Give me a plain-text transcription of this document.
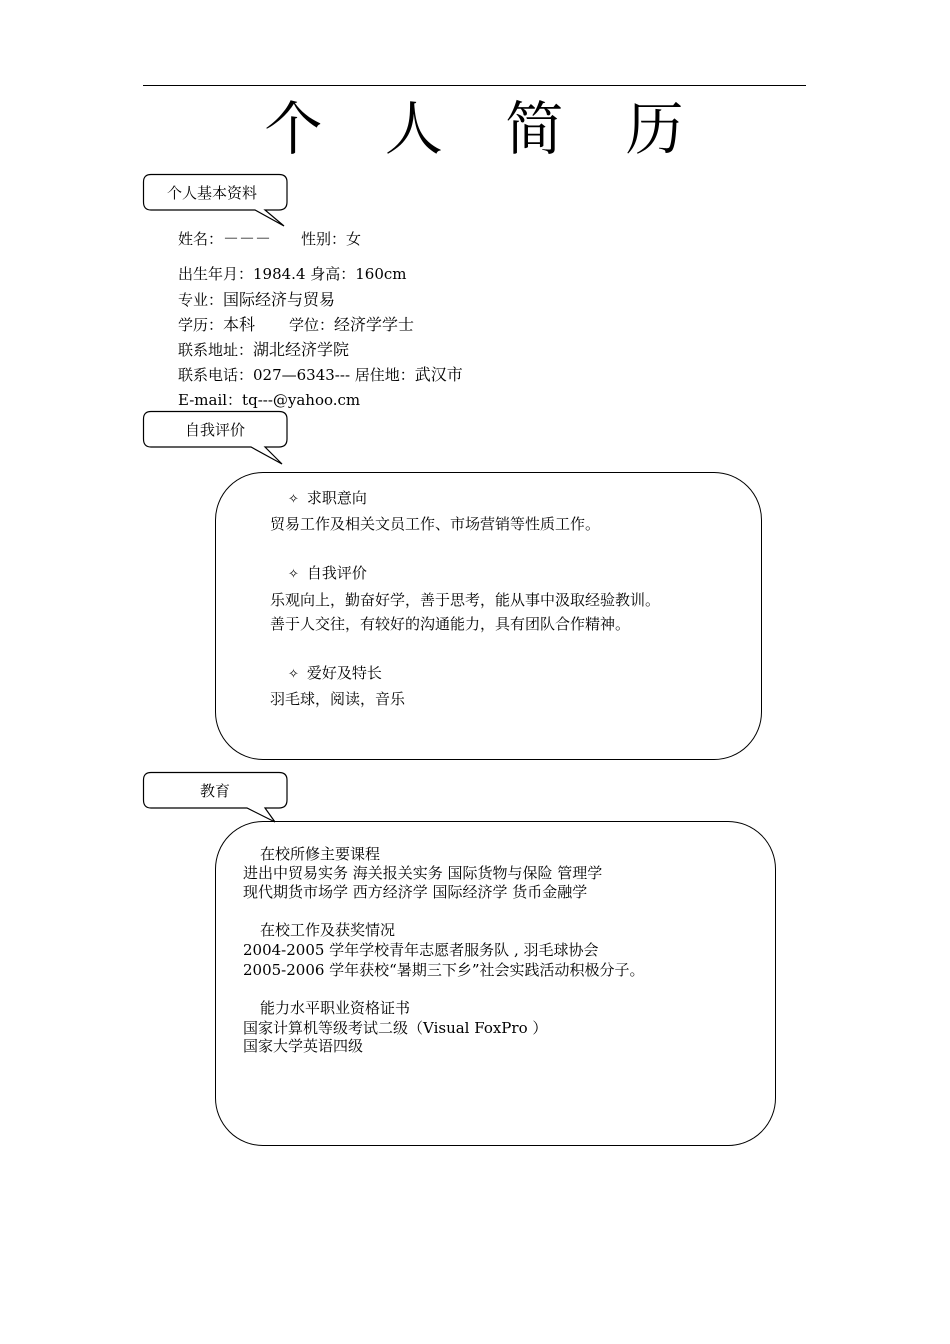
个 人 简 历
个人基本资料
姓名：－－－ 性别：女
出生年月：1984.4 身高：160cm
专业：国际经济与贸易
学历：本科 学位：经济学学士
联系地址：湖北经济学院
联系电话：027—6343--- 居住地：武汉市
E-mail：tq---@yahoo.cm
自我评价
✧ 求职意向
贸易工作及相关文员工作、市场营销等性质工作。
✧ 自我评价
乐观向上，勤奋好学，善于思考，能从事中汲取经验教训。
善于人交往，有较好的沟通能力，具有团队合作精神。
✧ 爱好及特长
羽毛球，阅读，音乐
教育
在校所修主要课程
进出中贸易实务 海关报关实务 国际货物与保险 管理学
现代期货市场学 西方经济学 国际经济学 货币金融学
在校工作及获奖情况
2004-2005 学年学校青年志愿者服务队 , 羽毛球协会
2005-2006 学年获校“暑期三下乡”社会实践活动积极分子。
能力水平职业资格证书
国家计算机等级考试二级（Visual FoxPro ）
国家大学英语四级
